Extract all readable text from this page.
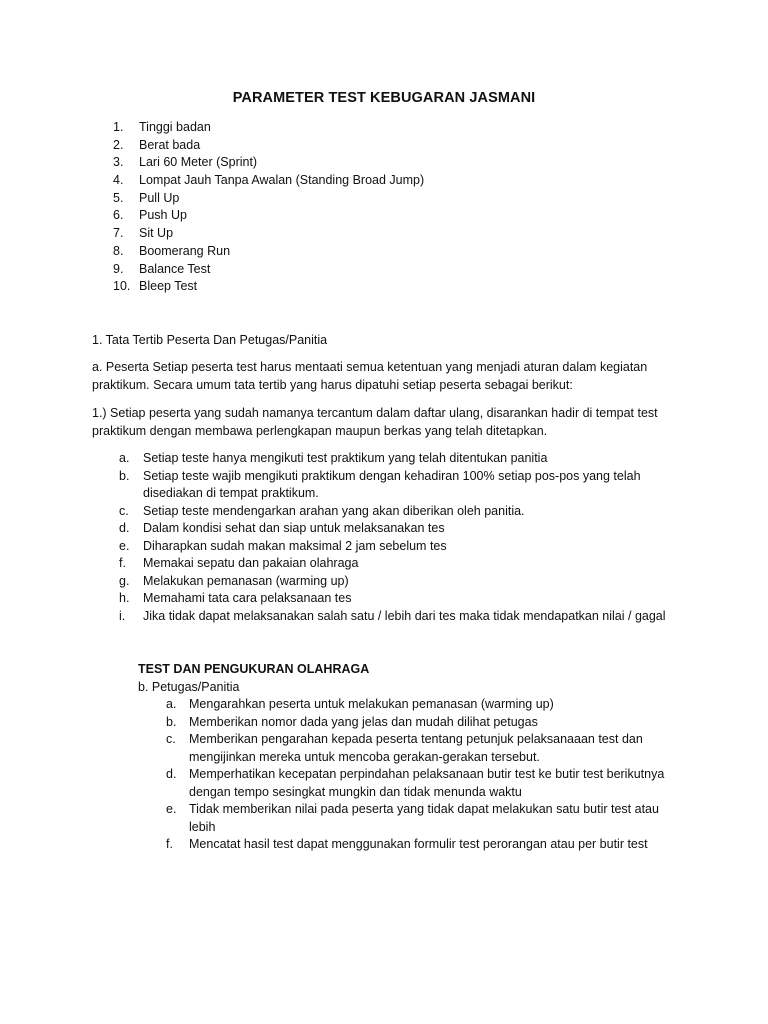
PARAMETER TEST KEBUGARAN JASMANI
1.	Tinggi badan
2.	Berat bada
3.	Lari 60 Meter (Sprint)
4.	Lompat Jauh Tanpa Awalan (Standing Broad Jump)
5.	Pull Up
6.	Push Up
7.	Sit Up
8.	Boomerang Run
9.	Balance Test
10. Bleep Test
1. Tata Tertib Peserta Dan Petugas/Panitia
a. Peserta Setiap peserta test harus mentaati semua ketentuan yang menjadi aturan dalam kegiatan praktikum. Secara umum tata tertib yang harus dipatuhi setiap peserta sebagai berikut:
1.) Setiap peserta yang sudah namanya tercantum dalam daftar ulang, disarankan hadir di tempat test praktikum dengan membawa perlengkapan maupun berkas yang telah ditetapkan.
a.	Setiap teste hanya mengikuti test praktikum yang telah ditentukan panitia
b.	Setiap teste wajib mengikuti praktikum dengan kehadiran 100% setiap pos-pos yang telah disediakan di tempat praktikum.
c.	Setiap teste mendengarkan arahan yang akan diberikan oleh panitia.
d.	Dalam kondisi sehat dan siap untuk melaksanakan tes
e.	Diharapkan sudah makan maksimal 2 jam sebelum tes
f.	Memakai sepatu dan pakaian olahraga
g.	Melakukan pemanasan (warming up)
h.	Memahami tata cara pelaksanaan tes
i.	Jika tidak dapat melaksanakan salah satu / lebih dari tes maka tidak mendapatkan nilai / gagal
TEST DAN PENGUKURAN OLAHRAGA
b. Petugas/Panitia
a.	Mengarahkan peserta untuk melakukan pemanasan (warming up)
b.	Memberikan nomor dada yang jelas dan mudah dilihat petugas
c.	Memberikan pengarahan kepada peserta tentang petunjuk pelaksanaaan test dan mengijinkan mereka untuk mencoba gerakan-gerakan tersebut.
d.	Memperhatikan kecepatan perpindahan pelaksanaan butir test ke butir test berikutnya dengan tempo sesingkat mungkin dan tidak menunda waktu
e.	Tidak memberikan nilai pada peserta yang tidak dapat melakukan satu butir test atau lebih
f.	Mencatat hasil test dapat menggunakan formulir test perorangan atau per butir test
